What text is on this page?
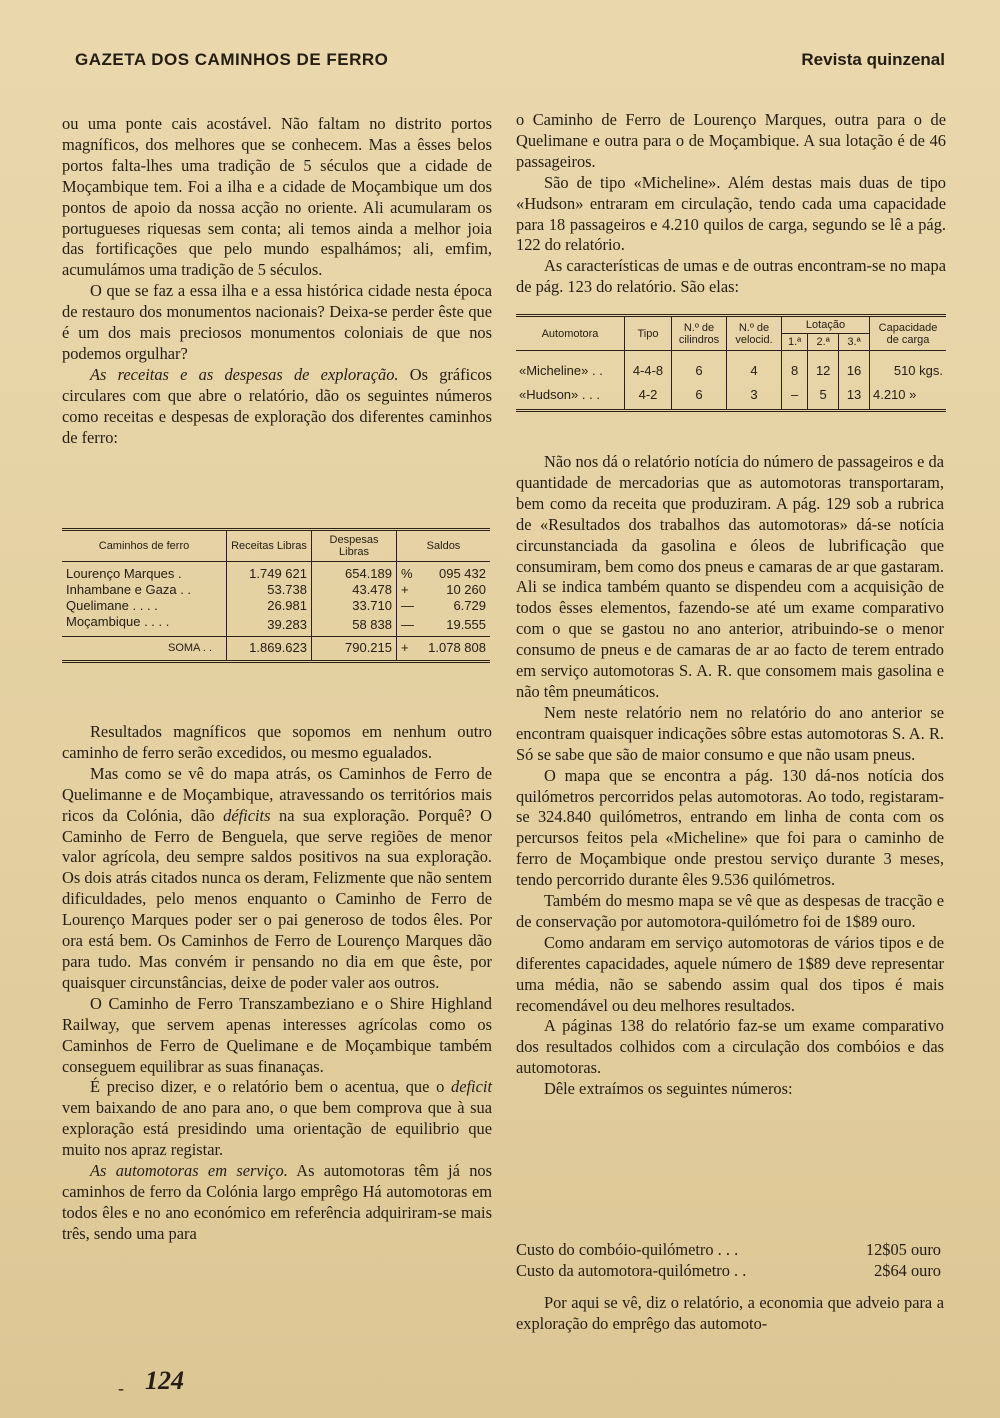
GAZETA DOS CAMINHOS DE FERRO	Revista quinzenal

ou uma ponte cais acostável. Não faltam no distrito portos magníficos, dos melhores que se conhecem. Mas a êsses belos portos falta-lhes uma tradição de 5 séculos que a cidade de Moçambique tem. Foi a ilha e a cidade de Moçambique um dos pontos de apoio da nossa acção no oriente. Ali acumularam os portugueses riquesas sem conta; ali temos ainda a melhor joia das fortificações que pelo mundo espalhámos; ali, emfim, acumulámos uma tradição de 5 séculos.

O que se faz a essa ilha e a essa histórica cidade nesta época de restauro dos monumentos nacionais? Deixa-se perder êste que é um dos mais preciosos monumentos coloniais de que nos podemos orgulhar?

As receitas e as despesas de exploração. Os gráficos circulares com que abre o relatório, dão os seguintes números como receitas e despesas de exploração dos diferentes caminhos de ferro:

Caminhos de ferro	Receitas Libras	Despesas Libras	Saldos	

Lourenço Marques .	1.749 621	654.189	%	095 432
Inhambane e Gaza . .	53.738	43.478	+	10 260
Quelimane . . . .	26.981	33.710	—	6.729
Moçambique . . . .	39.283	58 838	—	19.555
SOMA . .	1.869.623	790.215	+	1.078 808

Resultados magníficos que sopomos em nenhum outro caminho de ferro serão excedidos, ou mesmo egualados.

Mas como se vê do mapa atrás, os Caminhos de Ferro de Quelimanne e de Moçambique, atravessando os territórios mais ricos da Colónia, dão déficits na sua exploração. Porquê? O Caminho de Ferro de Benguela, que serve regiões de menor valor agrícola, deu sempre saldos positivos na sua exploração. Os dois atrás citados nunca os deram, Felizmente que não sentem dificuldades, pelo menos enquanto o Caminho de Ferro de Lourenço Marques poder ser o pai generoso de todos êles. Por ora está bem. Os Caminhos de Ferro de Lourenço Marques dão para tudo. Mas convém ir pensando no dia em que êste, por quaisquer circunstâncias, deixe de poder valer aos outros.

O Caminho de Ferro Transzambeziano e o Shire Highland Railway, que servem apenas interesses agrícolas como os Caminhos de Ferro de Quelimane e de Moçambique também conseguem equilibrar as suas finanaças.

É preciso dizer, e o relatório bem o acentua, que o deficit vem baixando de ano para ano, o que bem comprova que à sua exploração está presidindo uma orientação de equilibrio que muito nos apraz registar.

As automotoras em serviço. As automotoras têm já nos caminhos de ferro da Colónia largo emprêgo Há automotoras em todos êles e no ano económico em referência adquiriram-se mais três, sendo uma para

o Caminho de Ferro de Lourenço Marques, outra para o de Quelimane e outra para o de Moçambique. A sua lotação é de 46 passageiros.

São de tipo «Micheline». Além destas mais duas de tipo «Hudson» entraram em circulação, tendo cada uma capacidade para 18 passageiros e 4.210 quilos de carga, segundo se lê a pág. 122 do relatório.

As características de umas e de outras encontram-se no mapa de pág. 123 do relatório. São elas:

Automotora	Tipo	N.º de cilindros	N.º de velocid.	Lotação			Capacidade de carga
				1.ª	2.ª	3.ª	
«Micheline» . .	4-4-8	6	4	8	12	16	510 kgs.
«Hudson» . . .	4-2	6	3	–	5	13	4.210 »

Não nos dá o relatório notícia do número de passageiros e da quantidade de mercadorias que as automotoras transportaram, bem como da receita que produziram. A pág. 129 sob a rubrica de «Resultados dos trabalhos das automotoras» dá-se notícia circunstanciada da gasolina e óleos de lubrificação que consumiram, bem como dos pneus e camaras de ar que gastaram. Ali se indica também quanto se dispendeu com a acquisição de todos êsses elementos, fazendo-se até um exame comparativo com o que se gastou no ano anterior, atribuindo-se o menor consumo de pneus e de camaras de ar ao facto de terem entrado em serviço automotoras S. A. R. que consomem mais gasolina e não têm pneumáticos.

Nem neste relatório nem no relatório do ano anterior se encontram quaisquer indicações sôbre estas automotoras S. A. R. Só se sabe que são de maior consumo e que não usam pneus.

O mapa que se encontra a pág. 130 dá-nos notícia dos quilómetros percorridos pelas automotoras. Ao todo, registaram-se 324.840 quilómetros, entrando em linha de conta com os percursos feitos pela «Micheline» que foi para o caminho de ferro de Moçambique onde prestou serviço durante 3 meses, tendo percorrido durante êles 9.536 quilómetros.

Também do mesmo mapa se vê que as despesas de tracção e de conservação por automotora-quilómetro foi de 1$89 ouro.

Como andaram em serviço automotoras de vários tipos e de diferentes capacidades, aquele número de 1$89 deve representar uma média, não se sabendo assim qual dos tipos é mais recomendável ou deu melhores resultados.

A páginas 138 do relatório faz-se um exame comparativo dos resultados colhidos com a circulação dos combóios e das automotoras.

Dêle extraímos os seguintes números:

Custo do combóio-quilómetro . . .	12$05 ouro
Custo da automotora-quilómetro . .	2$64 ouro

Por aqui se vê, diz o relatório, a economia que adveio para a exploração do emprêgo das automoto-

- 124
